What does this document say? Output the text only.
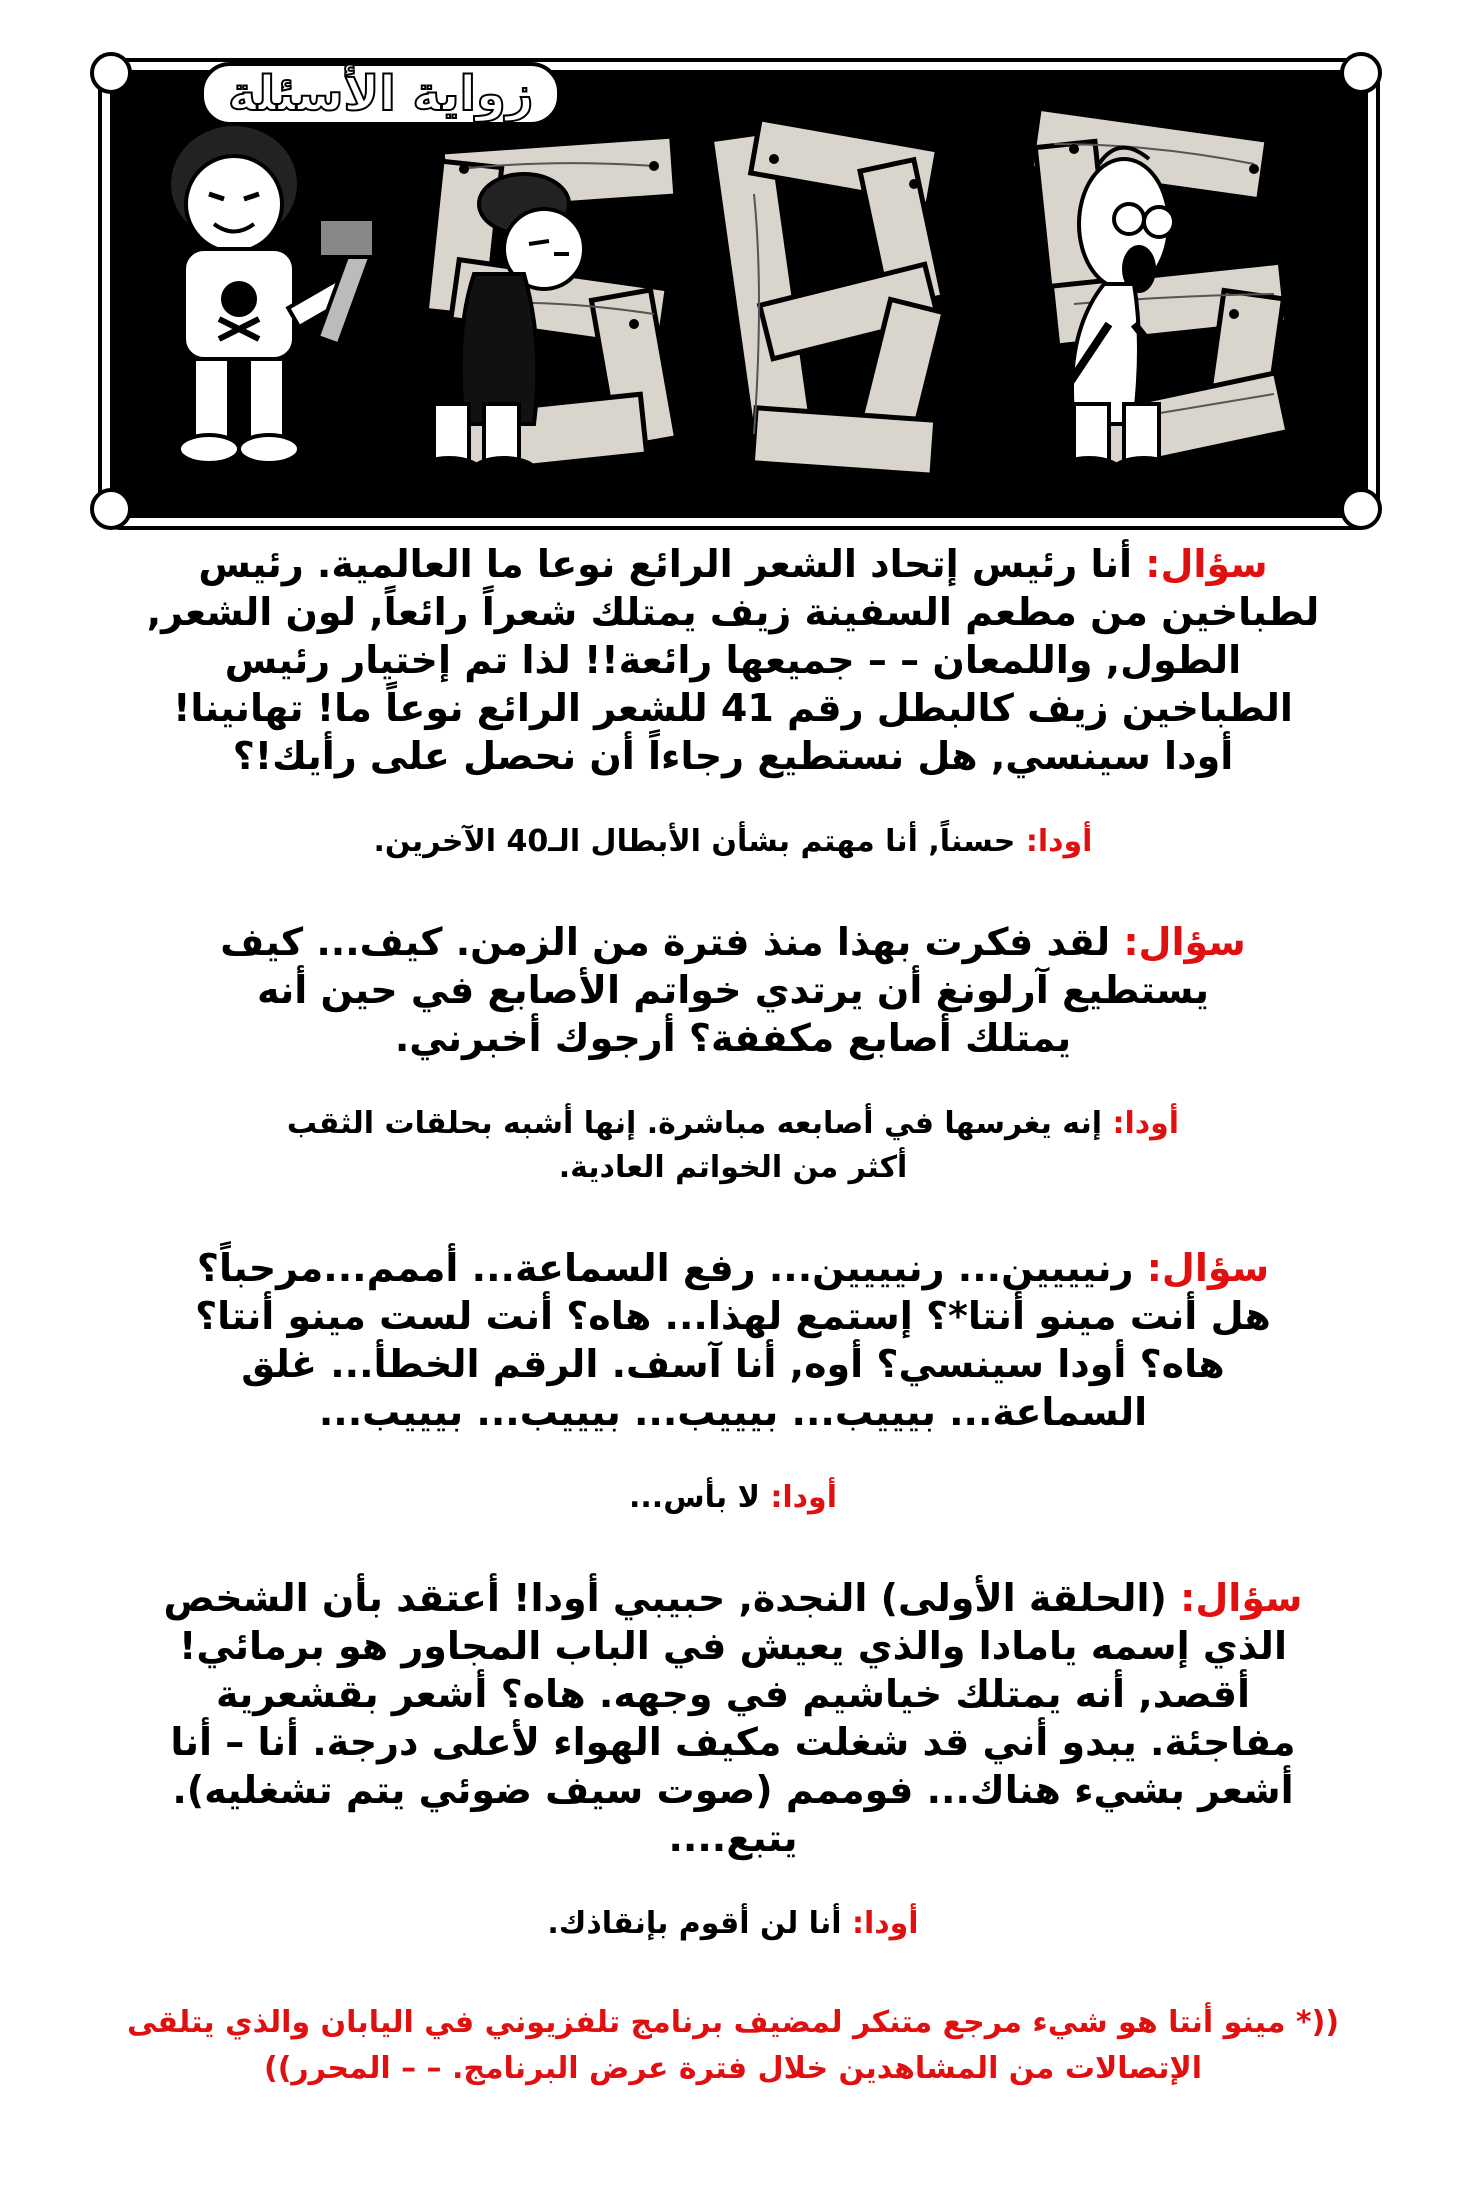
زواية الأسئلة
سؤال: أنا رئيس إتحاد الشعر الرائع نوعا ما العالمية. رئيس لطباخين من مطعم السفينة زيف يمتلك شعراً رائعاً, لون الشعر, الطول, واللمعان – – جميعها رائعة!! لذا تم إختيار رئيس الطباخين زيف كالبطل رقم 41 للشعر الرائع نوعاً ما! تهانينا! أودا سينسي, هل نستطيع رجاءاً أن نحصل على رأيك!؟
أودا: حسناً, أنا مهتم بشأن الأبطال الـ40 الآخرين.
سؤال: لقد فكرت بهذا منذ فترة من الزمن. كيف... كيف يستطيع آرلونغ أن يرتدي خواتم الأصابع في حين أنه يمتلك أصابع مكففة؟ أرجوك أخبرني.
أودا: إنه يغرسها في أصابعه مباشرة. إنها أشبه بحلقات الثقب أكثر من الخواتم العادية.
سؤال: رنيييين... رنيييين... رفع السماعة... أممم...مرحباً؟ هل أنت مينو أنتا*؟ إستمع لهذا... هاه؟ أنت لست مينو أنتا؟ هاه؟ أودا سينسي؟ أوه, أنا آسف. الرقم الخطأ... غلق السماعة... بيييب... بيييب... بيييب... بيييب...
أودا: لا بأس...
سؤال: (الحلقة الأولى) النجدة, حبيبي أودا! أعتقد بأن الشخص الذي إسمه يامادا والذي يعيش في الباب المجاور هو برمائي! أقصد, أنه يمتلك خياشيم في وجهه. هاه؟ أشعر بقشعرية مفاجئة. يبدو أني قد شغلت مكيف الهواء لأعلى درجة. أنا – أنا أشعر بشيء هناك... فوممم (صوت سيف ضوئي يتم تشغليه). يتبع....
أودا: أنا لن أقوم بإنقاذك.
((* مينو أنتا هو شيء مرجع متنكر لمضيف برنامج تلفزيوني في اليابان والذي يتلقى الإتصالات من المشاهدين خلال فترة عرض البرنامج. – – المحرر))
